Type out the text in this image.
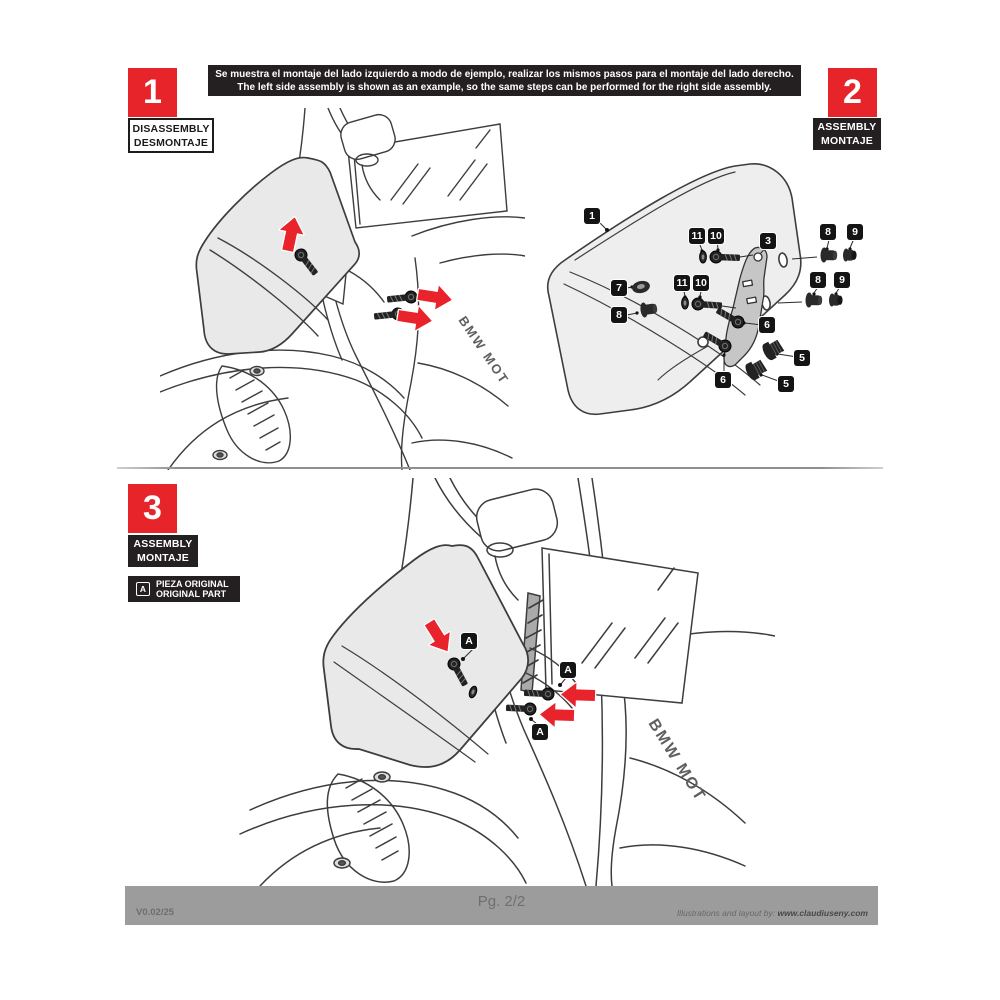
1	Se muestra el montaje del lado izquierdo a modo de ejemplo, realizar los mismos pasos para el montaje del lado derecho.
The left side assembly is shown as an example, so the same steps can be performed for the right side assembly.	2
DISASSEMBLY
DESMONTAJE
ASSEMBLY
MONTAJE
BMW MOT
1
11 10	3
8	9
7	11 10	8	9
8
6
5
6	5
3
ASSEMBLY
MONTAJE
A
PIEZA ORIGINAL
ORIGINAL PART
BMW MOT
A
A
A
V0.02/25
Pg. 2/2
Illustrations and layout by: www.claudiuseny.com
